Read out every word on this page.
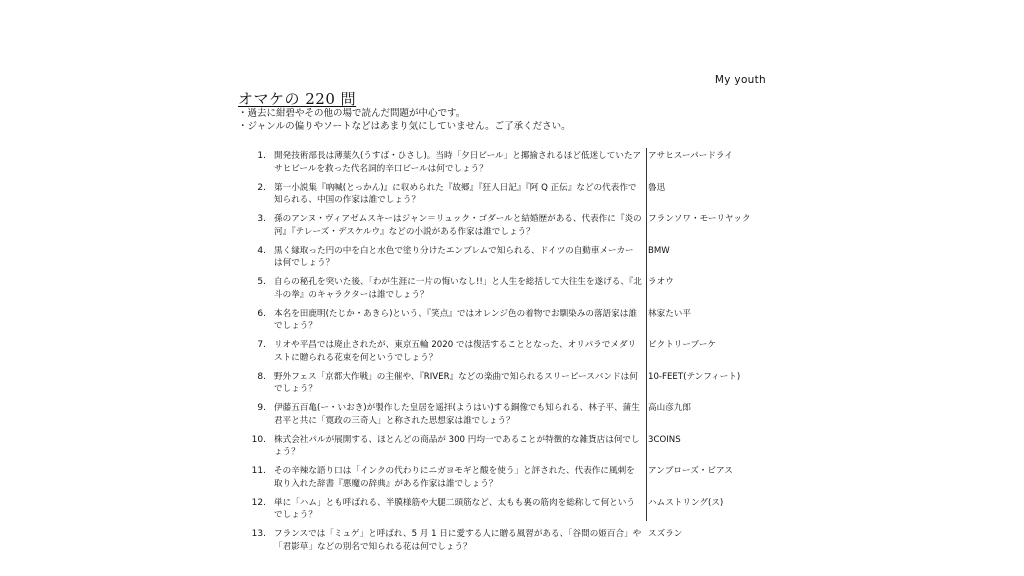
My youth
オマケの 220 問
・過去に紺碧やその他の場で読んだ問題が中心です。
・ジャンルの偏りやソートなどはあまり気にしていません。ご了承ください。
1. 開発技術部長は薄葉久(うすば・ひさし)。当時「夕日ビール」と揶揄されるほど低迷していたアサヒビールを救った代名詞的辛口ビールは何でしょう？
アサヒスーパードライ
2. 第一小説集『吶喊(とっかん)』に収められた『故郷』『狂人日記』『阿 Q 正伝』などの代表作で知られる、中国の作家は誰でしょう？
魯迅
3. 孫のアンヌ・ヴィアゼムスキーはジャン＝リュック・ゴダールと結婚歴がある、代表作に『炎の河』『テレーズ・デスケルウ』などの小説がある作家は誰でしょう？
フランソワ・モーリヤック
4. 黒く縁取った円の中を白と水色で塗り分けたエンブレムで知られる、ドイツの自動車メーカーは何でしょう？
BMW
5. 自らの秘孔を突いた後、「わが生涯に一片の悔いなし!!」と人生を総括して大往生を遂げる、『北斗の拳』のキャラクターは誰でしょう？
ラオウ
6. 本名を田鹿明(たじか・あきら)という、『笑点』ではオレンジ色の着物でお馴染みの落語家は誰でしょう？
林家たい平
7. リオや平昌では廃止されたが、東京五輪 2020 では復活することとなった、オリパラでメダリストに贈られる花束を何というでしょう？
ビクトリーブーケ
8. 野外フェス「京都大作戦」の主催や、『RIVER』などの楽曲で知られるスリーピースバンドは何でしょう？
10-FEET(テンフィート)
9. 伊藤五百亀(ー・いおき)が製作した皇居を遥拝(ようはい)する銅像でも知られる、林子平、蒲生君平と共に「寛政の三奇人」と称された思想家は誰でしょう？
高山彦九郎
10. 株式会社パルが展開する、ほとんどの商品が 300 円均一であることが特徴的な雑貨店は何でしょう？
3COINS
11. その辛辣な語り口は「インクの代わりにニガヨモギと酸を使う」と評された、代表作に風刺を取り入れた辞書『悪魔の辞典』がある作家は誰でしょう？
アンブローズ・ビアス
12. 単に「ハム」とも呼ばれる、半膜様筋や大腿二頭筋など、太もも裏の筋肉を総称して何というでしょう？
ハムストリング(ス)
13. フランスでは「ミュゲ」と呼ばれ、5 月 1 日に愛する人に贈る風習がある、「谷間の姫百合」や「君影草」などの別名で知られる花は何でしょう？
スズラン
